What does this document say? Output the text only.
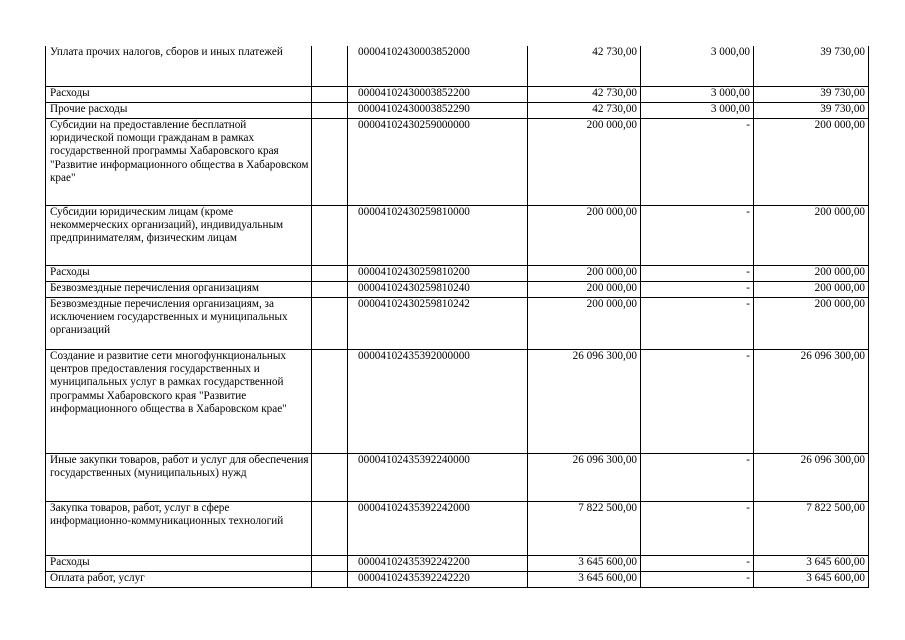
Уплата прочих налогов, сборов и иных платежей		00004102430003852000	42 730,00	3 000,00	39 730,00

Расходы		00004102430003852200	42 730,00	3 000,00	39 730,00

Прочие расходы		00004102430003852290	42 730,00	3 000,00	39 730,00

Субсидии на предоставление бесплатной юридической помощи гражданам в рамках государственной программы Хабаровского края "Развитие информационного общества в Хабаровском крае"		00004102430259000000	200 000,00	-	200 000,00

Субсидии юридическим лицам (кроме некоммерческих организаций), индивидуальным предпринимателям, физическим лицам		00004102430259810000	200 000,00	-	200 000,00

Расходы		00004102430259810200	200 000,00	-	200 000,00

Безвозмездные перечисления организациям		00004102430259810240	200 000,00	-	200 000,00

Безвозмездные перечисления организациям, за исключением государственных и муниципальных организаций		00004102430259810242	200 000,00	-	200 000,00

Создание и развитие сети многофункциональных центров предоставления государственных и муниципальных услуг в рамках государственной программы Хабаровского края "Развитие информационного общества в Хабаровском крае"		00004102435392000000	26 096 300,00	-	26 096 300,00

Иные закупки товаров, работ и услуг для обеспечения государственных (муниципальных) нужд		00004102435392240000	26 096 300,00	-	26 096 300,00

Закупка товаров, работ, услуг в сфере информационно-коммуникационных технологий		00004102435392242000	7 822 500,00	-	7 822 500,00

Расходы		00004102435392242200	3 645 600,00	-	3 645 600,00

Оплата работ, услуг		00004102435392242220	3 645 600,00	-	3 645 600,00
